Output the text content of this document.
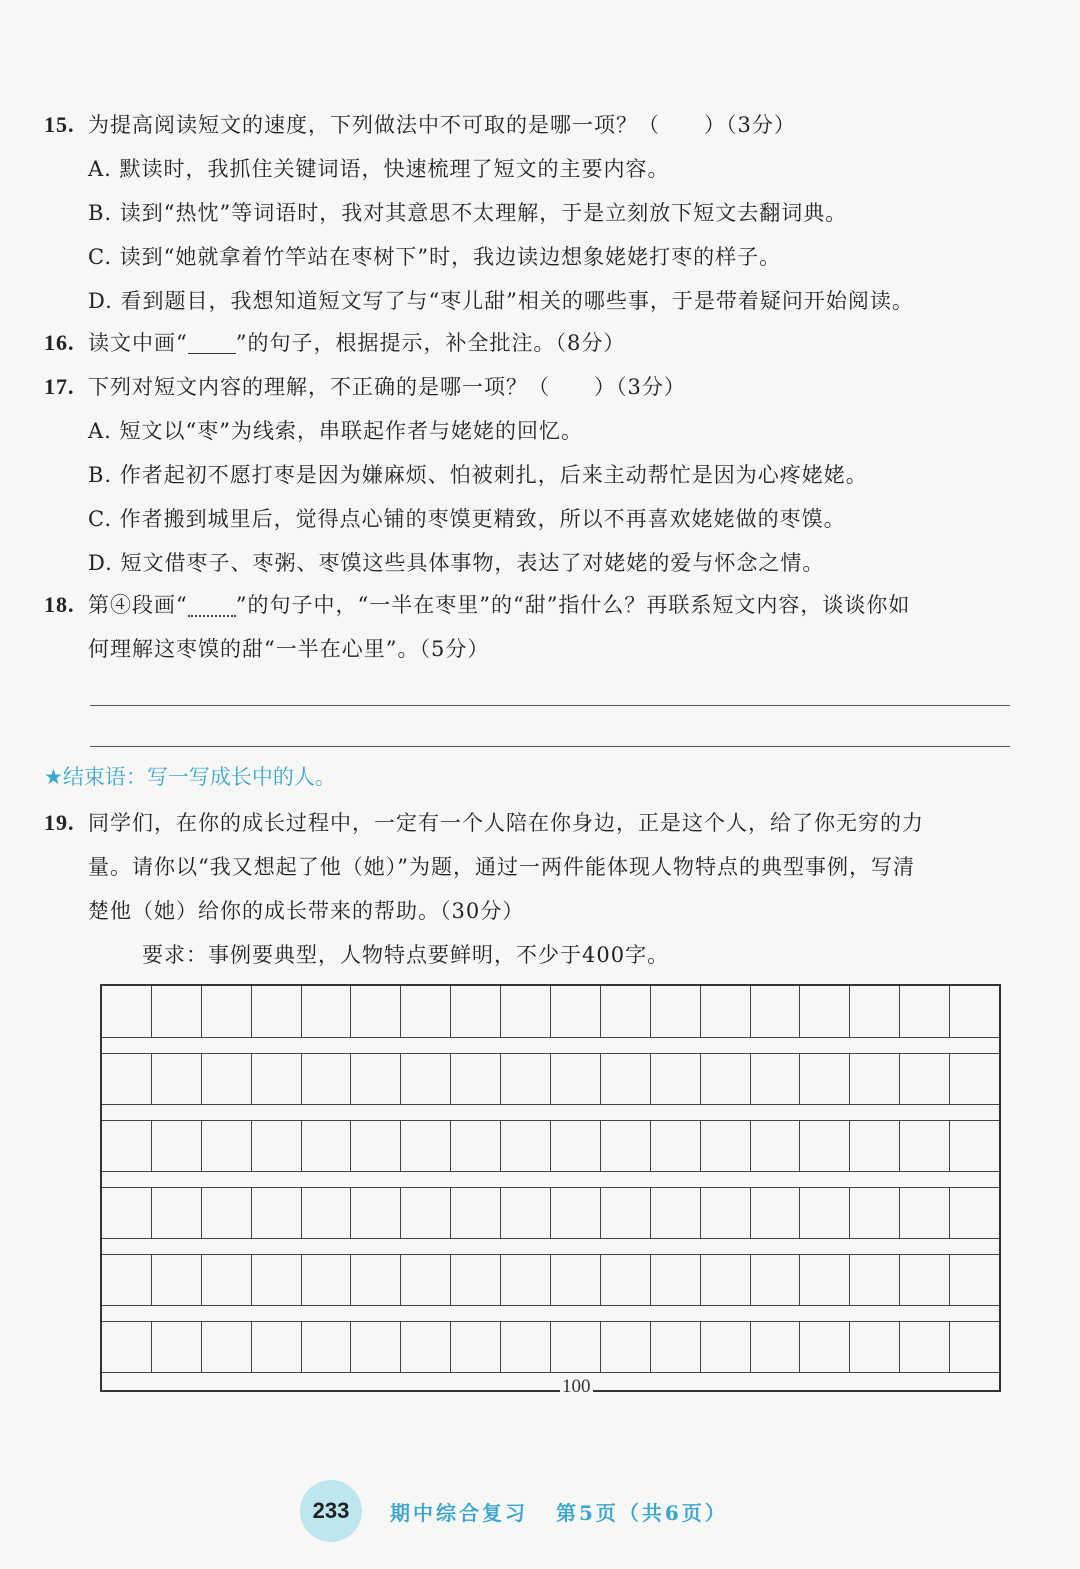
15. 为提高阅读短文的速度，下列做法中不可取的是哪一项？（　　）（3分）
A. 默读时，我抓住关键词语，快速梳理了短文的主要内容。
B. 读到“热忱”等词语时，我对其意思不太理解，于是立刻放下短文去翻词典。
C. 读到“她就拿着竹竿站在枣树下”时，我边读边想象姥姥打枣的样子。
D. 看到题目，我想知道短文写了与“枣儿甜”相关的哪些事，于是带着疑问开始阅读。
16. 读文中画“ ”的句子，根据提示，补全批注。（8分）
17. 下列对短文内容的理解，不正确的是哪一项？（　　）（3分）
A. 短文以“枣”为线索，串联起作者与姥姥的回忆。
B. 作者起初不愿打枣是因为嫌麻烦、怕被刺扎，后来主动帮忙是因为心疼姥姥。
C. 作者搬到城里后，觉得点心铺的枣馍更精致，所以不再喜欢姥姥做的枣馍。
D. 短文借枣子、枣粥、枣馍这些具体事物，表达了对姥姥的爱与怀念之情。
18. 第④段画“ ”的句子中，“一半在枣里”的“甜”指什么？再联系短文内容，谈谈你如
何理解这枣馍的甜“一半在心里”。（5分）
★结束语：写一写成长中的人。
19. 同学们，在你的成长过程中，一定有一个人陪在你身边，正是这个人，给了你无穷的力
量。请你以“我又想起了他（她）”为题，通过一两件能体现人物特点的典型事例，写清
楚他（她）给你的成长带来的帮助。（30分）
要求：事例要典型，人物特点要鲜明，不少于400字。
100
233	期中综合复习 第5页（共6页）
